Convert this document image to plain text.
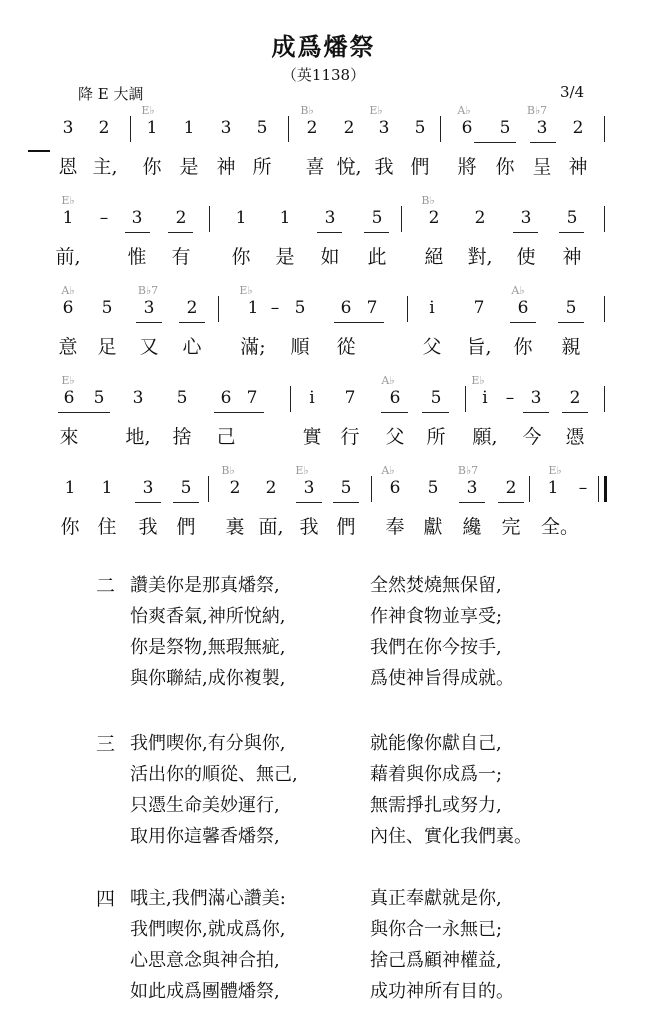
成爲燔祭
（英1138）
降 E 大調	3/4
E♭	B♭	E♭	A♭	B♭7
3 2 1 1 3 5 2 2 3 5 6 5 3 2
恩 主, 你 是 神 所 喜 悅, 我 們 將 你 呈 神
E♭	B♭
1 – 3 2	1 1 3 5	2 2 3 5
前, 惟 有 你 是 如 此 絕 對, 使 神
A♭	B♭7	E♭	A♭
6 5 3 2	1 – 5 6 7	i 7 6 5
意 足 又 心 滿; 順 從	父 旨, 你 親
E♭	A♭	E♭
6 5 3 5 6 7	i 7 6 5 i – 3 2
來 地, 捨 己	實 行 父 所 願, 今 憑
B♭	E♭	A♭	B♭7	E♭
1 1 3 5 2 2 3 5 6 5 3 2 1 –
你 住 我 們 裏 面, 我 們 奉 獻 纔 完 全。
二 讚美你是那真燔祭,	全然焚燒無保留,
怡爽香氣,神所悅納,	作神食物並享受;
你是祭物,無瑕無疵,	我們在你今按手,
與你聯結,成你複製,	爲使神旨得成就。
三 我們喫你,有分與你,	就能像你獻自己,
活出你的順從、無己,	藉着與你成爲一;
只憑生命美妙運行,	無需掙扎或努力,
取用你這馨香燔祭,	內住、實化我們裏。
四 哦主,我們滿心讚美:	真正奉獻就是你,
我們喫你,就成爲你,	與你合一永無已;
心思意念與神合拍,	捨己爲顧神權益,
如此成爲團體燔祭,	成功神所有目的。
